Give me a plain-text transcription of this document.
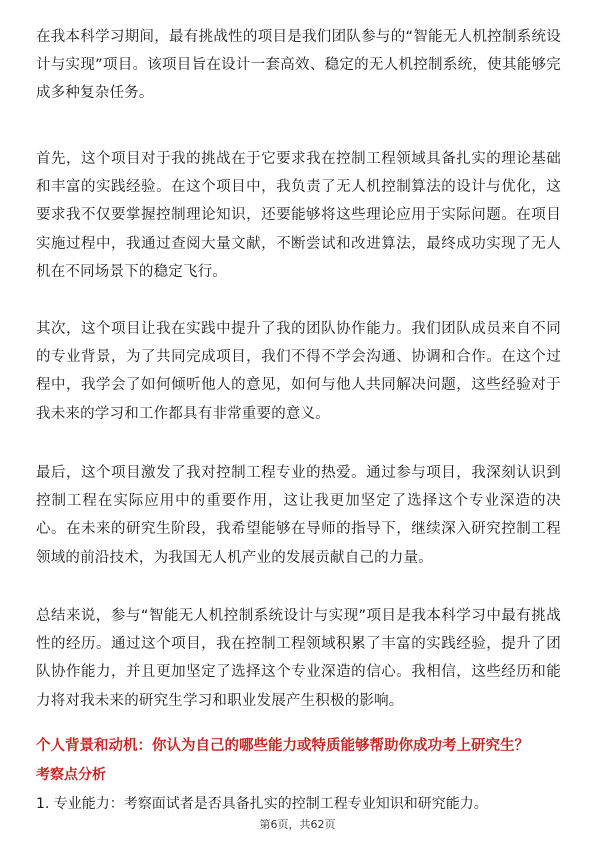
在我本科学习期间，最有挑战性的项目是我们团队参与的“智能无人机控制系统设计与实现”项目。该项目旨在设计一套高效、稳定的无人机控制系统，使其能够完成多种复杂任务。

首先，这个项目对于我的挑战在于它要求我在控制工程领域具备扎实的理论基础和丰富的实践经验。在这个项目中，我负责了无人机控制算法的设计与优化，这要求我不仅要掌握控制理论知识，还要能够将这些理论应用于实际问题。在项目实施过程中，我通过查阅大量文献，不断尝试和改进算法，最终成功实现了无人机在不同场景下的稳定飞行。

其次，这个项目让我在实践中提升了我的团队协作能力。我们团队成员来自不同的专业背景，为了共同完成项目，我们不得不学会沟通、协调和合作。在这个过程中，我学会了如何倾听他人的意见，如何与他人共同解决问题，这些经验对于我未来的学习和工作都具有非常重要的意义。

最后，这个项目激发了我对控制工程专业的热爱。通过参与项目，我深刻认识到控制工程在实际应用中的重要作用，这让我更加坚定了选择这个专业深造的决心。在未来的研究生阶段，我希望能够在导师的指导下，继续深入研究控制工程领域的前沿技术，为我国无人机产业的发展贡献自己的力量。

总结来说，参与“智能无人机控制系统设计与实现”项目是我本科学习中最有挑战性的经历。通过这个项目，我在控制工程领域积累了丰富的实践经验，提升了团队协作能力，并且更加坚定了选择这个专业深造的信心。我相信，这些经历和能力将对我未来的研究生学习和职业发展产生积极的影响。

个人背景和动机：你认为自己的哪些能力或特质能够帮助你成功考上研究生？

考察点分析

1. 专业能力：考察面试者是否具备扎实的控制工程专业知识和研究能力。

第6页，共62页
